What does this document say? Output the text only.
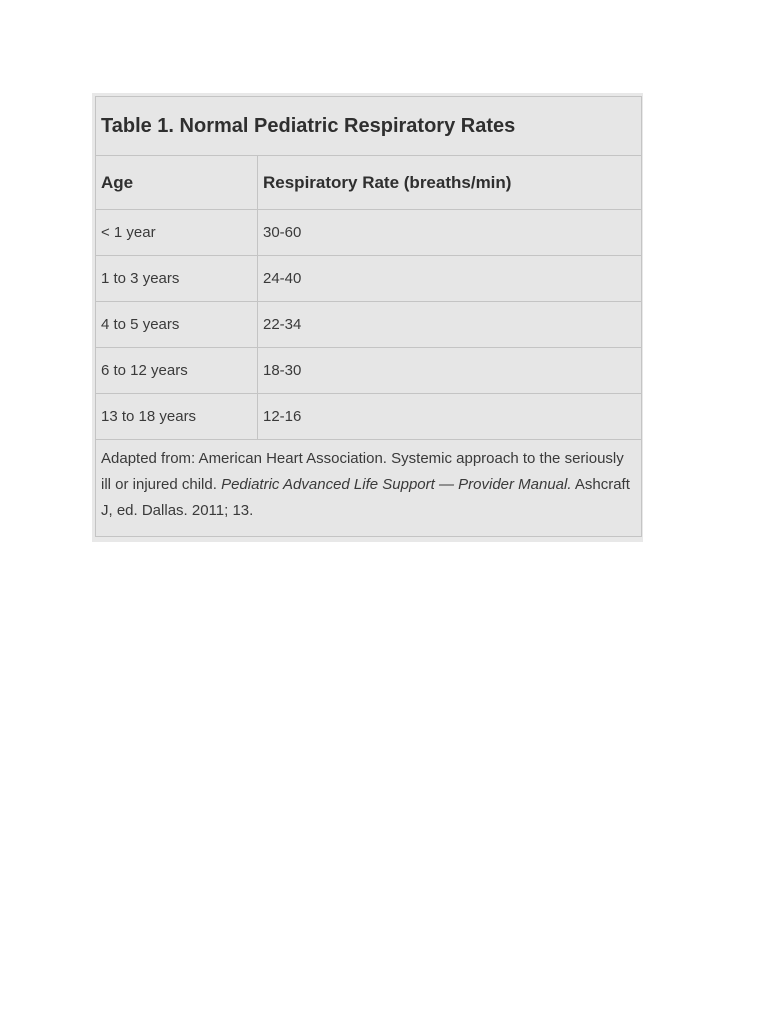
Table 1. Normal Pediatric Respiratory Rates	
Age	Respiratory Rate (breaths/min)
< 1 year	30-60
1 to 3 years	24-40
4 to 5 years	22-34
6 to 12 years	18-30
13 to 18 years	12-16
Adapted from: American Heart Association. Systemic approach to the seriously ill or injured child. Pediatric Advanced Life Support — Provider Manual. Ashcraft J, ed. Dallas. 2011; 13.	
